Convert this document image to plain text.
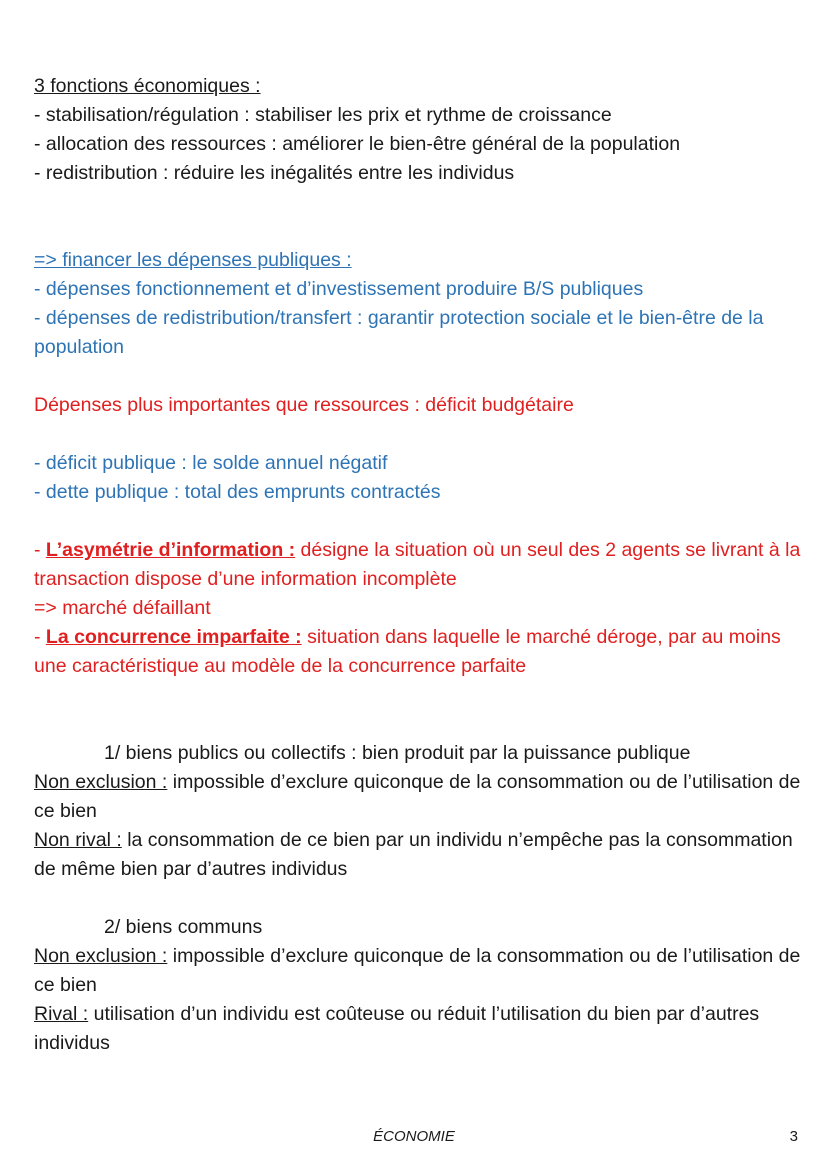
3 fonctions économiques :
- stabilisation/régulation : stabiliser les prix et rythme de croissance
- allocation des ressources : améliorer le bien-être général de la population
- redistribution : réduire les inégalités entre les individus
=> financer les dépenses publiques :
- dépenses fonctionnement et d’investissement produire B/S publiques
- dépenses de redistribution/transfert : garantir protection sociale et le bien-être de la population
Dépenses plus importantes que ressources : déficit budgétaire
- déficit publique : le solde annuel négatif
- dette publique : total des emprunts contractés
- L’asymétrie d’information : désigne la situation où un seul des 2 agents se livrant à la transaction dispose d’une information incomplète
=> marché défaillant
- La concurrence imparfaite : situation dans laquelle le marché déroge, par au moins une caractéristique au modèle de la concurrence parfaite
1/ biens publics ou collectifs : bien produit par la puissance publique
Non exclusion : impossible d’exclure quiconque de la consommation ou de l’utilisation de ce bien
Non rival : la consommation de ce bien par un individu n’empêche pas la consommation de même bien par d’autres individus
2/ biens communs
Non exclusion : impossible d’exclure quiconque de la consommation ou de l’utilisation de ce bien
Rival : utilisation d’un individu est coûteuse ou réduit l’utilisation du bien par d’autres individus
ÉCONOMIE	3
